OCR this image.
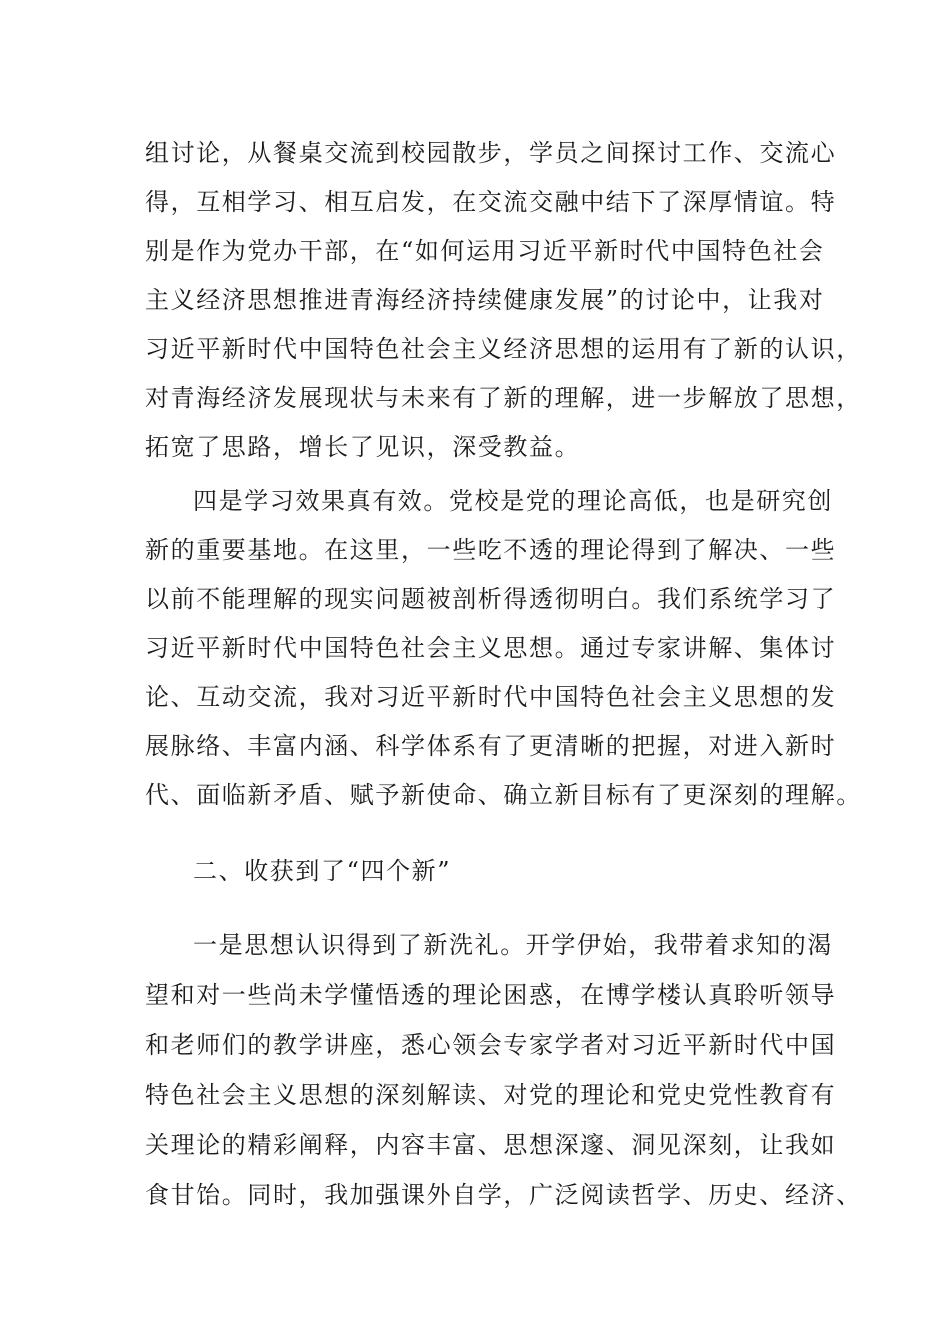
组讨论，从餐桌交流到校园散步，学员之间探讨工作、交流心
得，互相学习、相互启发，在交流交融中结下了深厚情谊。特
别是作为党办干部，在“如何运用习近平新时代中国特色社会
主义经济思想推进青海经济持续健康发展”的讨论中，让我对
习近平新时代中国特色社会主义经济思想的运用有了新的认识，
对青海经济发展现状与未来有了新的理解，进一步解放了思想，
拓宽了思路，增长了见识，深受教益。
四是学习效果真有效。党校是党的理论高低，也是研究创
新的重要基地。在这里，一些吃不透的理论得到了解决、一些
以前不能理解的现实问题被剖析得透彻明白。我们系统学习了
习近平新时代中国特色社会主义思想。通过专家讲解、集体讨
论、互动交流，我对习近平新时代中国特色社会主义思想的发
展脉络、丰富内涵、科学体系有了更清晰的把握，对进入新时
代、面临新矛盾、赋予新使命、确立新目标有了更深刻的理解。
二、收获到了“四个新”
一是思想认识得到了新洗礼。开学伊始，我带着求知的渴
望和对一些尚未学懂悟透的理论困惑，在博学楼认真聆听领导
和老师们的教学讲座，悉心领会专家学者对习近平新时代中国
特色社会主义思想的深刻解读、对党的理论和党史党性教育有
关理论的精彩阐释，内容丰富、思想深邃、洞见深刻，让我如
食甘饴。同时，我加强课外自学，广泛阅读哲学、历史、经济、
